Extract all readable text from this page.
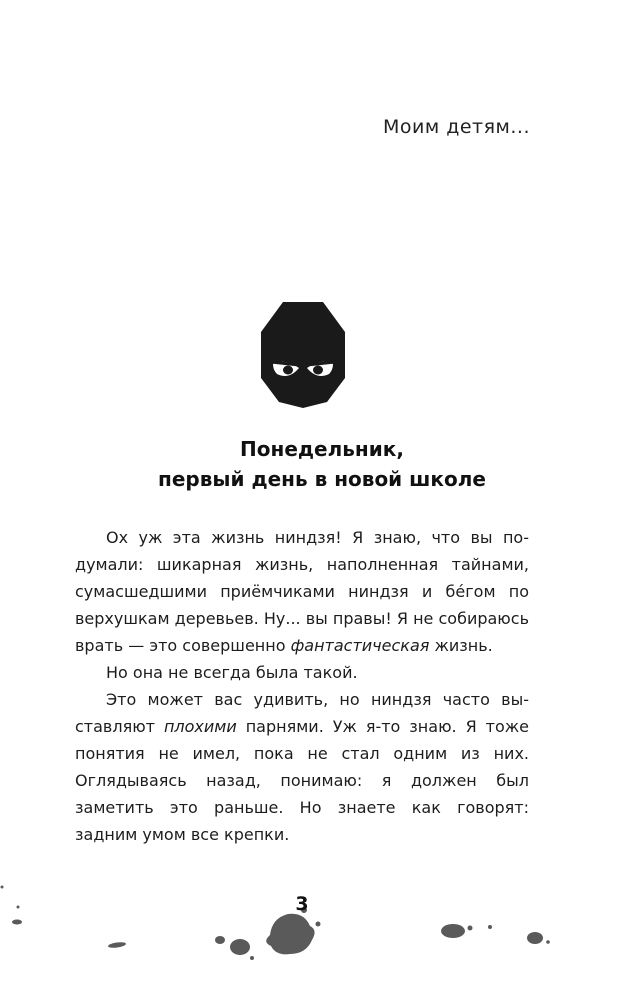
Моим детям...
Понедельник,
первый день в новой школе

Ох уж эта жизнь ниндзя! Я знаю, что вы подумали: шикарная жизнь, наполненная тайнами, сумасшедшими приёмчиками ниндзя и бéгом по верхушкам деревьев. Ну... вы правы! Я не собираюсь врать — это совершенно фантастическая жизнь.

Но она не всегда была такой.

Это может вас удивить, но ниндзя часто выставляют плохими парнями. Уж я-то знаю. Я тоже понятия не имел, пока не стал одним из них. Оглядываясь назад, понимаю: я должен был заметить это раньше. Но знаете как говорят: задним умом все крепки.

3
